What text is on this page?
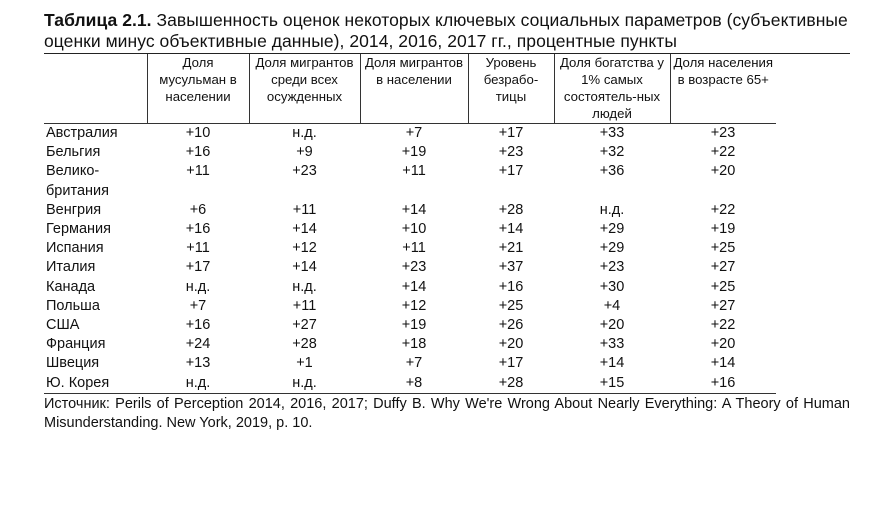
Таблица 2.1. Завышенность оценок некоторых ключевых социальных параметров (субъективные оценки минус объективные данные), 2014, 2016, 2017 гг., процентные пункты

	Доля мусульман в населении	Доля мигрантов среди всех осужденных	Доля мигрантов в населении	Уровень безрабо-тицы	Доля богатства у 1% самых состоятель-ных людей	Доля населения в возрасте 65+
Австралия	+10	н.д.	+7	+17	+33	+23
Бельгия	+16	+9	+19	+23	+32	+22
Велико-британия	+11	+23	+11	+17	+36	+20
Венгрия	+6	+11	+14	+28	н.д.	+22
Германия	+16	+14	+10	+14	+29	+19
Испания	+11	+12	+11	+21	+29	+25
Италия	+17	+14	+23	+37	+23	+27
Канада	н.д.	н.д.	+14	+16	+30	+25
Польша	+7	+11	+12	+25	+4	+27
США	+16	+27	+19	+26	+20	+22
Франция	+24	+28	+18	+20	+33	+20
Швеция	+13	+1	+7	+17	+14	+14
Ю. Корея	н.д.	н.д.	+8	+28	+15	+16
Источник: Perils of Perception 2014, 2016, 2017; Duffy B. Why We're Wrong About Nearly Everything: A Theory of Human Misunderstanding. New York, 2019, p. 10.
